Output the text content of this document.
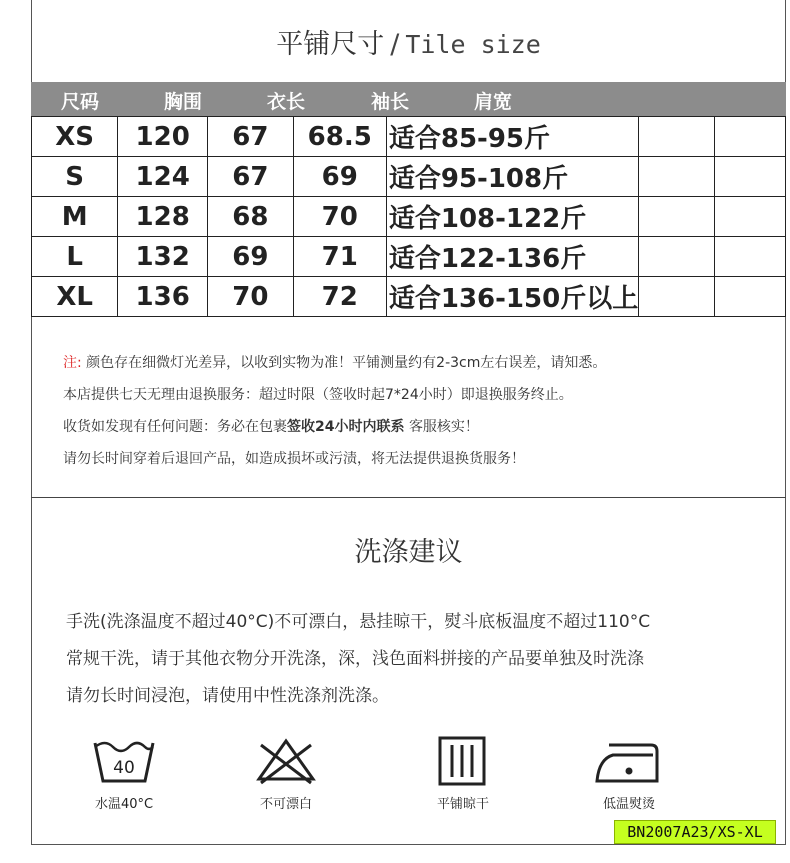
平铺尺寸 / Tile size
尺码	胸围	衣长	袖长	肩宽
XS	120	67	68.5	适合85-95斤		
S	124	67	69	适合95-108斤		
M	128	68	70	适合108-122斤		
L	132	69	71	适合122-136斤		
XL	136	70	72	适合136-150斤以上		
注: 颜色存在细微灯光差异，以收到实物为准！平铺测量约有2-3cm左右误差，请知悉。
本店提供七天无理由退换服务：超过时限（签收时起7*24小时）即退换服务终止。
收货如发现有任何问题：务必在包裹签收24小时内联系 客服核实！
请勿长时间穿着后退回产品，如造成损坏或污渍，将无法提供退换货服务！
洗涤建议
手洗(洗涤温度不超过40°C)不可漂白，悬挂晾干，熨斗底板温度不超过110°C
常规干洗，请于其他衣物分开洗涤，深，浅色面料拼接的产品要单独及时洗涤
请勿长时间浸泡，请使用中性洗涤剂洗涤。
40
水温40°C	不可漂白	平铺晾干	低温熨烫
BN2007A23/XS-XL
